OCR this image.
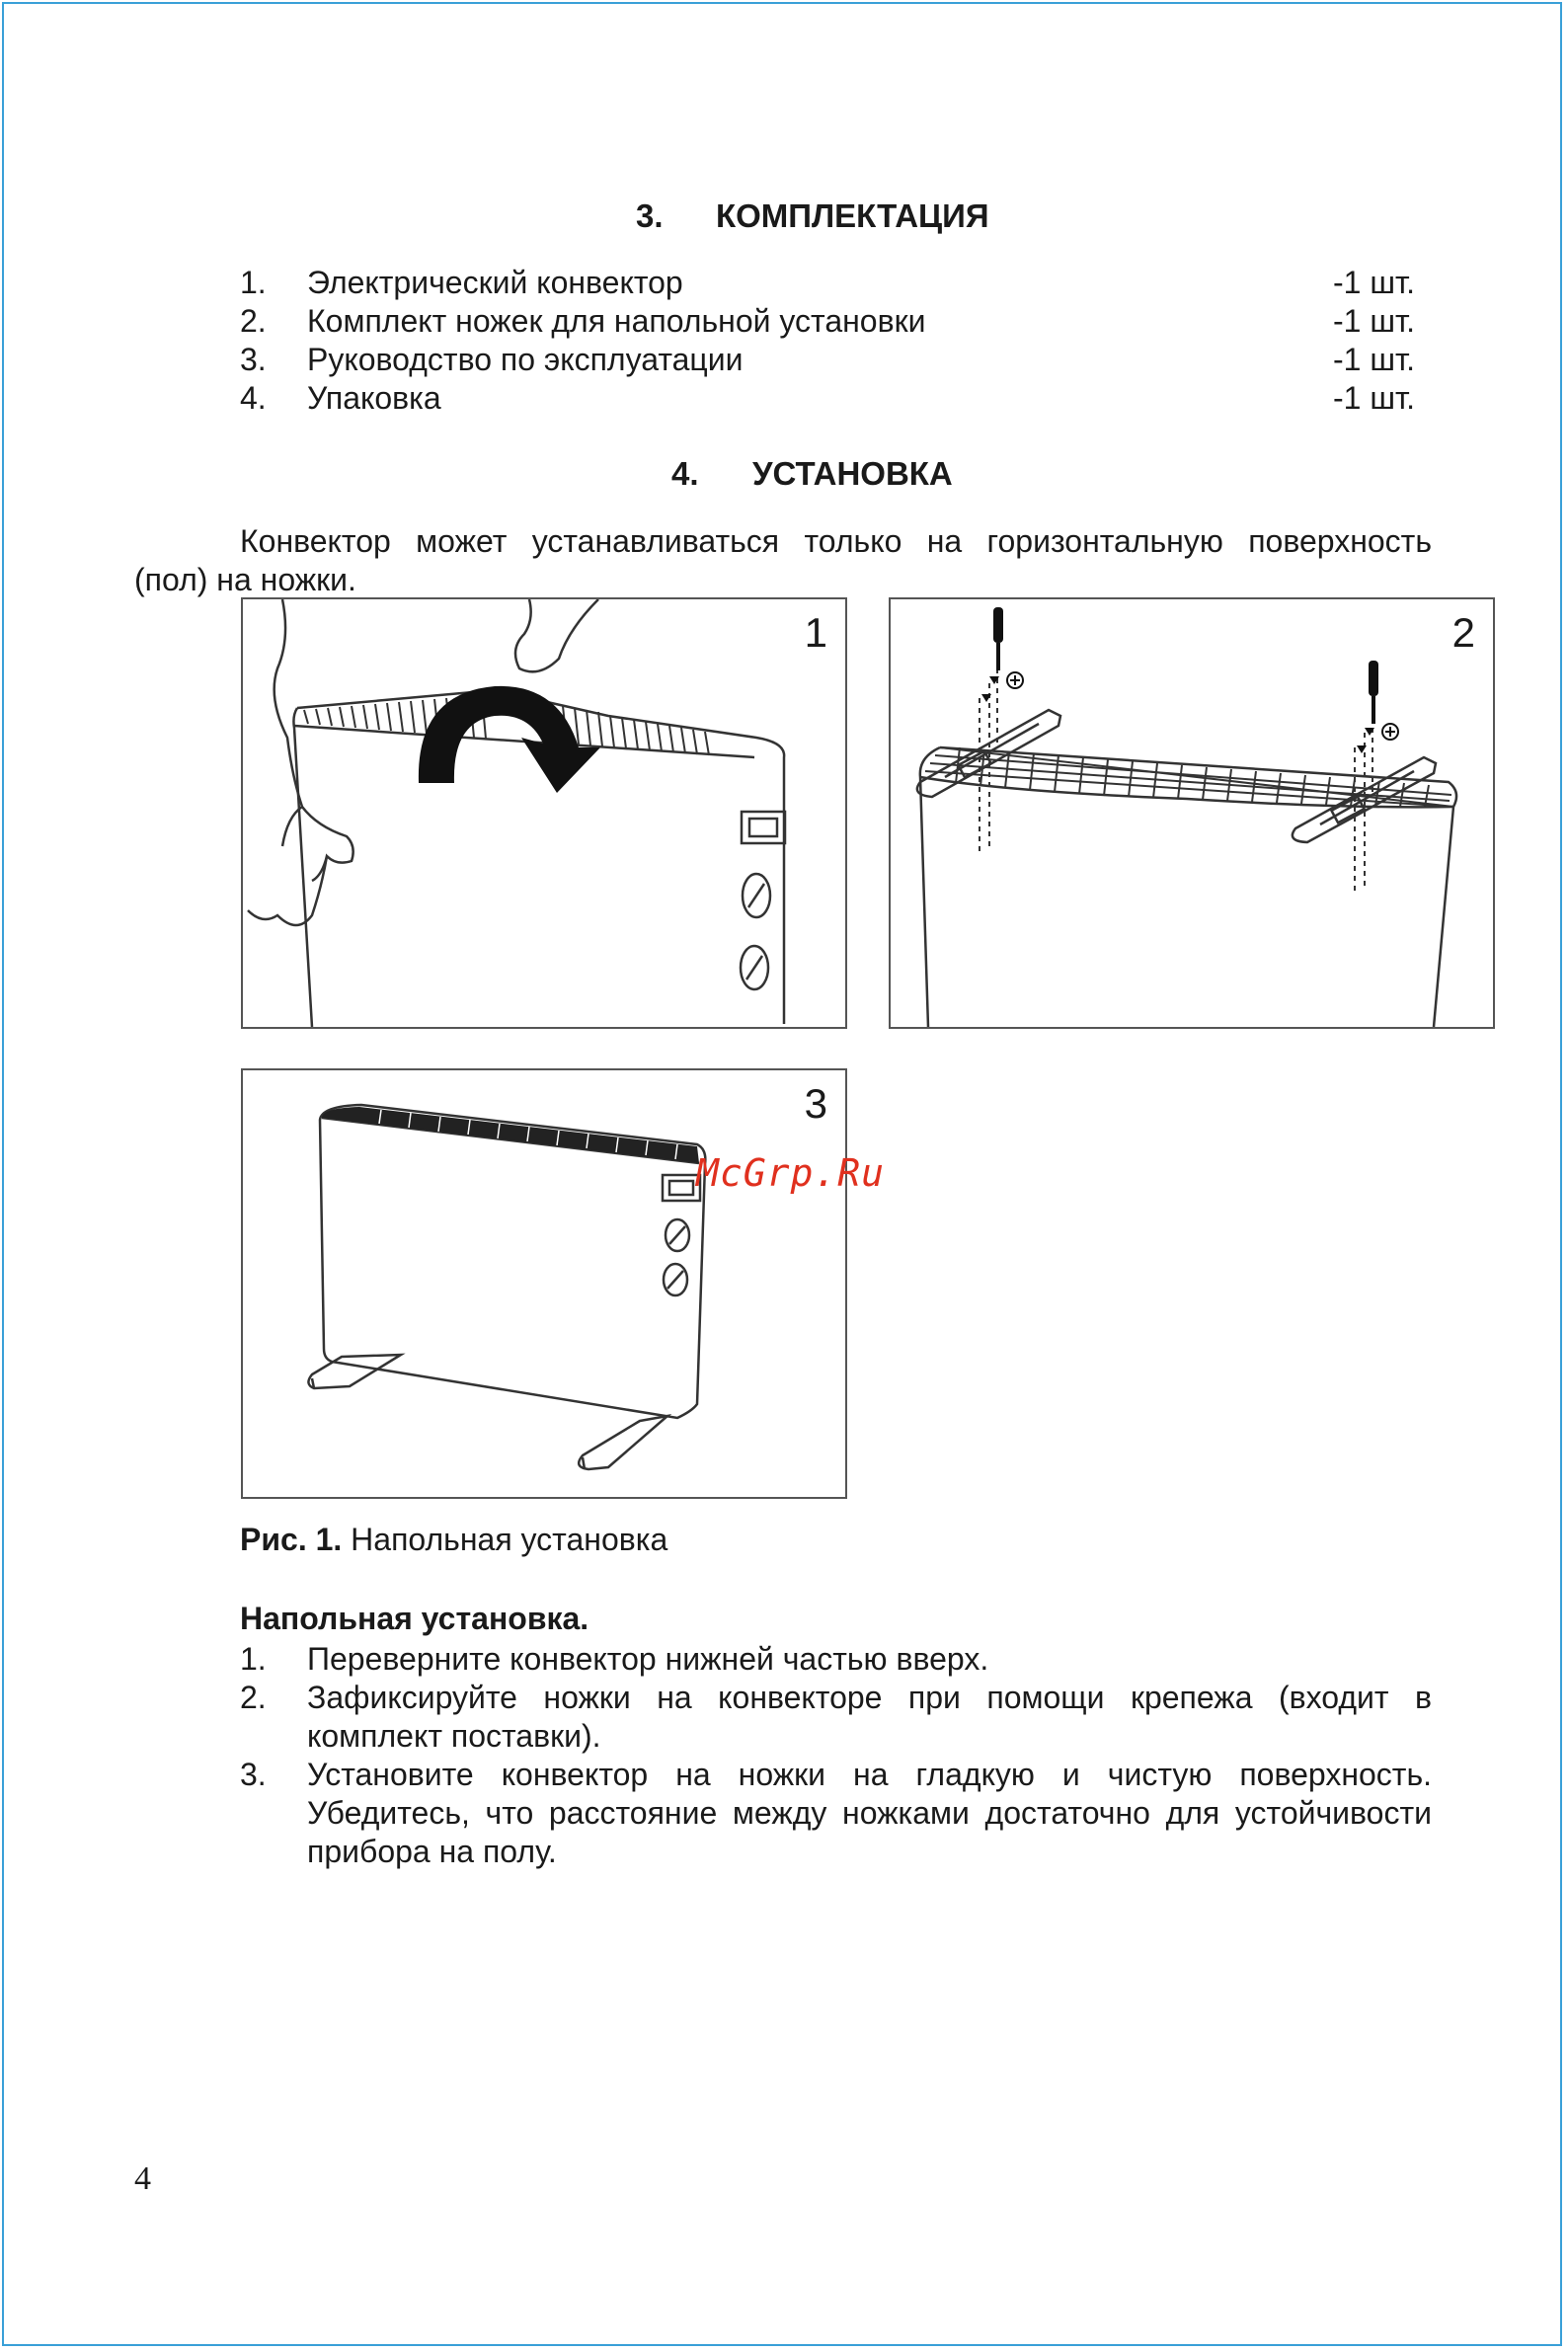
3. КОМПЛЕКТАЦИЯ
1. Электрический конвектор	-1 шт.
2. Комплект ножек для напольной установки	-1 шт.
3. Руководство по эксплуатации	-1 шт.
4. Упаковка	-1 шт.
4. УСТАНОВКА
Конвектор может устанавливаться только на горизонтальную поверхность
(пол) на ножки.
1	2
3
McGrp.Ru
Рис. 1. Напольная установка
Напольная установка.
1. Переверните конвектор нижней частью вверх.
2. Зафиксируйте ножки на конвекторе при помощи крепежа (входит в комплект поставки).
3. Установите конвектор на ножки на гладкую и чистую поверхность. Убедитесь, что расстояние между ножками достаточно для устойчивости прибора на полу.
4
